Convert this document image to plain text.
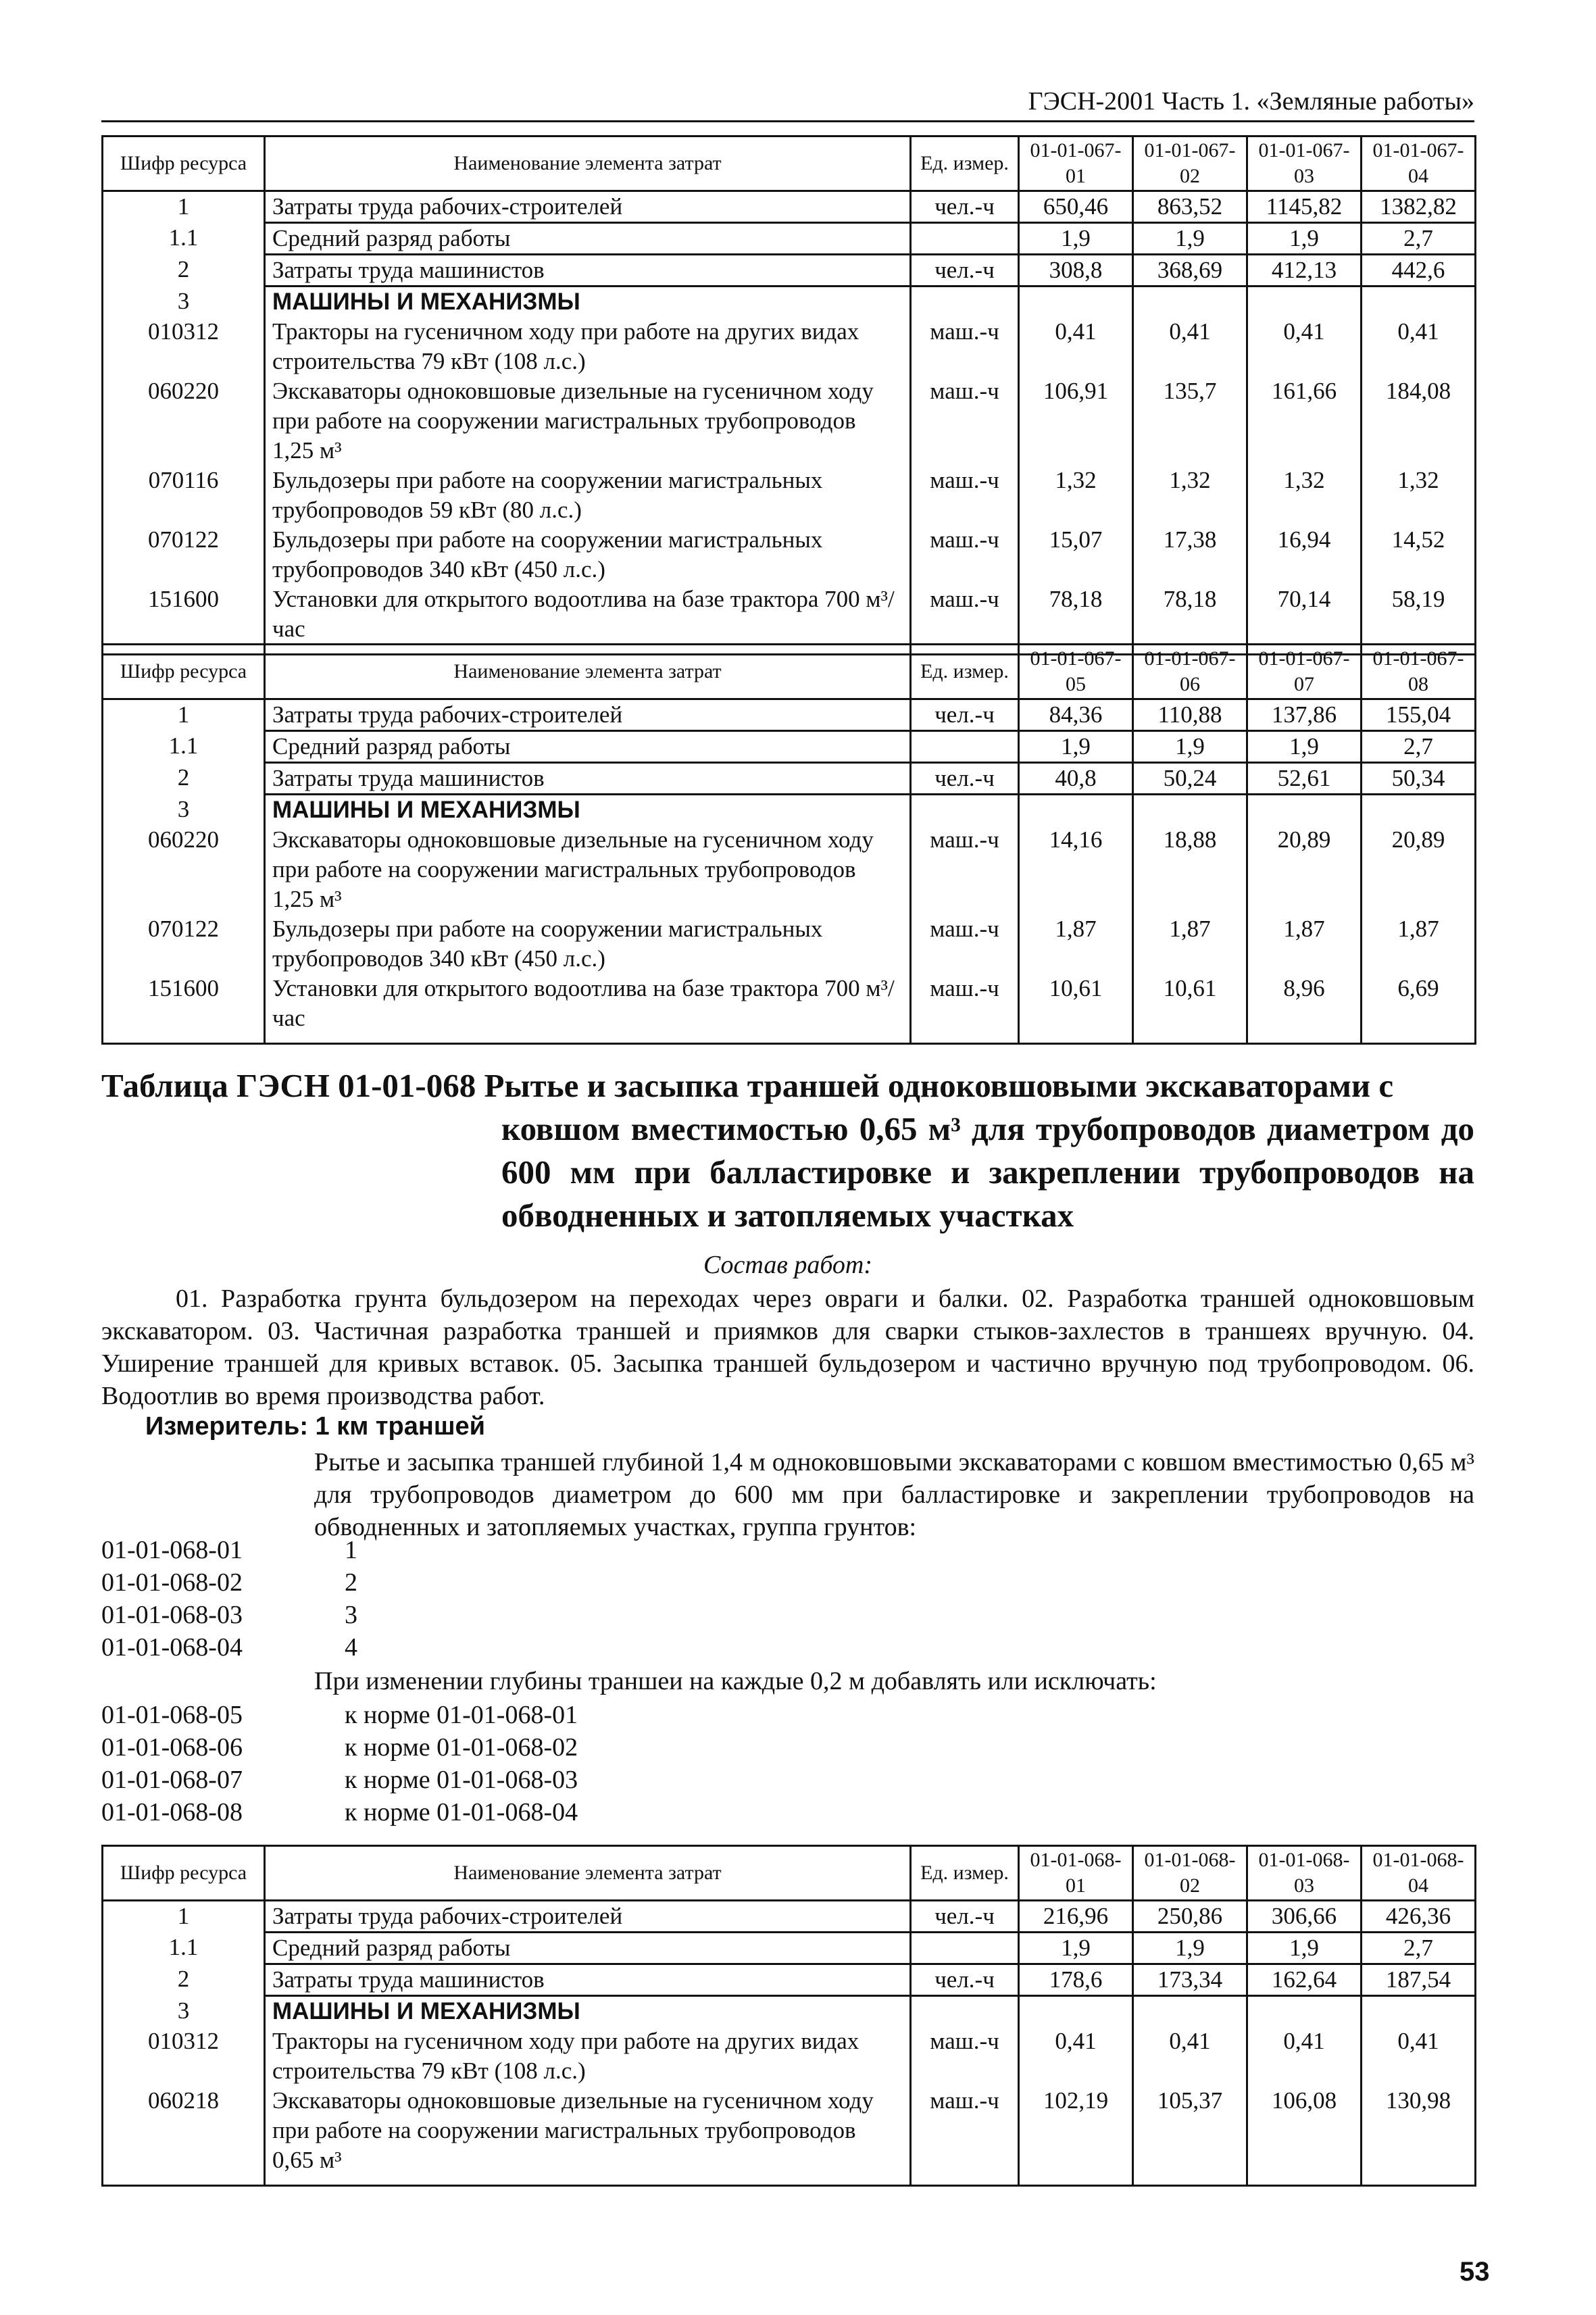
ГЭСН-2001 Часть 1. «Земляные работы»
Шифр ресурса	Наименование элемента затрат	Ед. измер.	01-01-067-01	01-01-067-02	01-01-067-03	01-01-067-04
1	Затраты труда рабочих-строителей	чел.-ч	650,46	863,52	1145,82	1382,82
1.1	Средний разряд работы		1,9	1,9	1,9	2,7
2	Затраты труда машинистов	чел.-ч	308,8	368,69	412,13	442,6
3	МАШИНЫ И МЕХАНИЗМЫ					
010312	Тракторы на гусеничном ходу при работе на других видах строительства 79 кВт (108 л.с.)	маш.-ч	0,41	0,41	0,41	0,41
060220	Экскаваторы одноковшовые дизельные на гусеничном ходу при работе на сооружении магистральных трубопроводов 1,25 м³	маш.-ч	106,91	135,7	161,66	184,08
070116	Бульдозеры при работе на сооружении магистральных трубопроводов 59 кВт (80 л.с.)	маш.-ч	1,32	1,32	1,32	1,32
070122	Бульдозеры при работе на сооружении магистральных трубопроводов 340 кВт (450 л.с.)	маш.-ч	15,07	17,38	16,94	14,52
151600	Установки для открытого водоотлива на базе трактора 700 м³/час	маш.-ч	78,18	78,18	70,14	58,19
Шифр ресурса	Наименование элемента затрат	Ед. измер.	01-01-067-05	01-01-067-06	01-01-067-07	01-01-067-08
1	Затраты труда рабочих-строителей	чел.-ч	84,36	110,88	137,86	155,04
1.1	Средний разряд работы		1,9	1,9	1,9	2,7
2	Затраты труда машинистов	чел.-ч	40,8	50,24	52,61	50,34
3	МАШИНЫ И МЕХАНИЗМЫ					
060220	Экскаваторы одноковшовые дизельные на гусеничном ходу при работе на сооружении магистральных трубопроводов 1,25 м³	маш.-ч	14,16	18,88	20,89	20,89
070122	Бульдозеры при работе на сооружении магистральных трубопроводов 340 кВт (450 л.с.)	маш.-ч	1,87	1,87	1,87	1,87
151600	Установки для открытого водоотлива на базе трактора 700 м³/час	маш.-ч	10,61	10,61	8,96	6,69
Таблица ГЭСН 01-01-068 Рытье и засыпка траншей одноковшовыми экскаваторами с
ковшом вместимостью 0,65 м³ для трубопроводов диаметром до 600 мм при балластировке и закреплении трубопроводов на обводненных и затопляемых участках
Состав работ:
01. Разработка грунта бульдозером на переходах через овраги и балки. 02. Разработка траншей одноковшовым экскаватором. 03. Частичная разработка траншей и приямков для сварки стыков-захлестов в траншеях вручную. 04. Уширение траншей для кривых вставок. 05. Засыпка траншей бульдозером и частично вручную под трубопроводом. 06. Водоотлив во время производства работ.
Измеритель: 1 км траншей
Рытье и засыпка траншей глубиной 1,4 м одноковшовыми экскаваторами с ковшом вместимостью 0,65 м³ для трубопроводов диаметром до 600 мм при балластировке и закреплении трубопроводов на обводненных и затопляемых участках, группа грунтов:
01-01-068-01	1
01-01-068-02	2
01-01-068-03	3
01-01-068-04	4
При изменении глубины траншеи на каждые 0,2 м добавлять или исключать:
01-01-068-05	к норме 01-01-068-01
01-01-068-06	к норме 01-01-068-02
01-01-068-07	к норме 01-01-068-03
01-01-068-08	к норме 01-01-068-04
Шифр ресурса	Наименование элемента затрат	Ед. измер.	01-01-068-01	01-01-068-02	01-01-068-03	01-01-068-04
1	Затраты труда рабочих-строителей	чел.-ч	216,96	250,86	306,66	426,36
1.1	Средний разряд работы		1,9	1,9	1,9	2,7
2	Затраты труда машинистов	чел.-ч	178,6	173,34	162,64	187,54
3	МАШИНЫ И МЕХАНИЗМЫ					
010312	Тракторы на гусеничном ходу при работе на других видах строительства 79 кВт (108 л.с.)	маш.-ч	0,41	0,41	0,41	0,41
060218	Экскаваторы одноковшовые дизельные на гусеничном ходу при работе на сооружении магистральных трубопроводов 0,65 м³	маш.-ч	102,19	105,37	106,08	130,98
53
